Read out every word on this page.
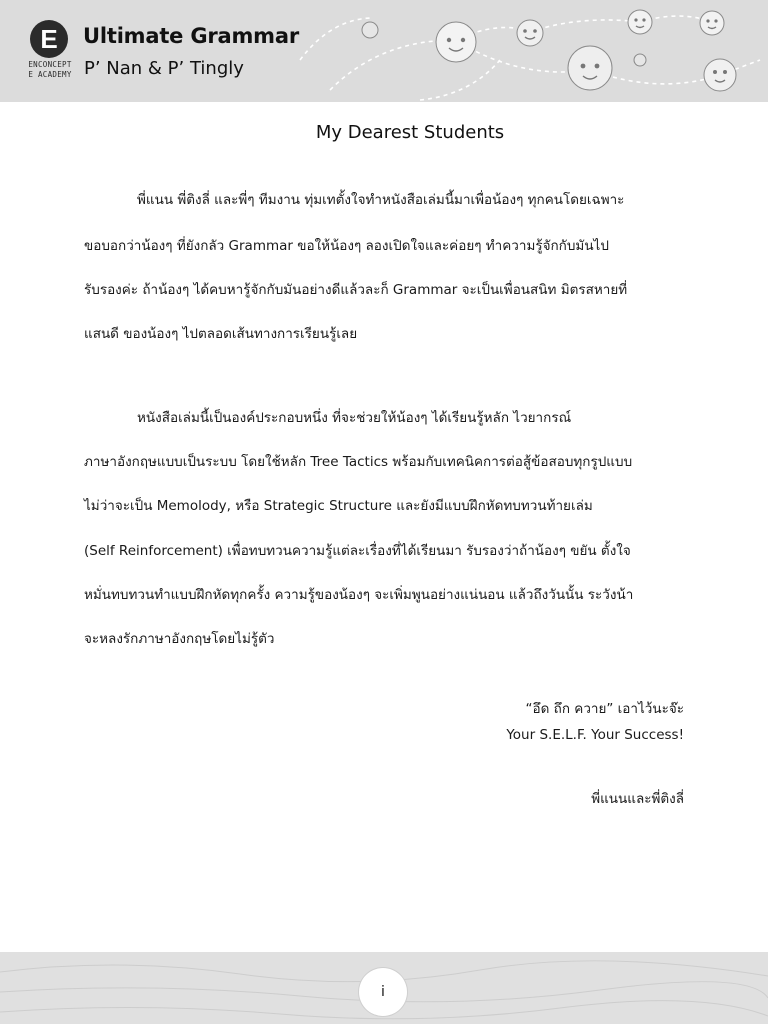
E
ENCONCEPT
E ACADEMY
Ultimate Grammar
P’ Nan & P’ Tingly
My Dearest Students
พี่แนน พี่ติงลี่ และพี่ๆ ทีมงาน ทุ่มเทตั้งใจทำหนังสือเล่มนี้มาเพื่อน้องๆ ทุกคนโดยเฉพาะ
ขอบอกว่าน้องๆ ที่ยังกลัว Grammar ขอให้น้องๆ ลองเปิดใจและค่อยๆ ทำความรู้จักกับมันไป
รับรองค่ะ ถ้าน้องๆ ได้คบหารู้จักกับมันอย่างดีแล้วละก็ Grammar จะเป็นเพื่อนสนิท มิตรสหายที่
แสนดี ของน้องๆ ไปตลอดเส้นทางการเรียนรู้เลย
หนังสือเล่มนี้เป็นองค์ประกอบหนึ่ง ที่จะช่วยให้น้องๆ ได้เรียนรู้หลัก ไวยากรณ์
ภาษาอังกฤษแบบเป็นระบบ โดยใช้หลัก Tree Tactics พร้อมกับเทคนิคการต่อสู้ข้อสอบทุกรูปแบบ
ไม่ว่าจะเป็น Memolody, หรือ Strategic Structure และยังมีแบบฝึกหัดทบทวนท้ายเล่ม
(Self Reinforcement) เพื่อทบทวนความรู้แต่ละเรื่องที่ได้เรียนมา รับรองว่าถ้าน้องๆ ขยัน ตั้งใจ
หมั่นทบทวนทำแบบฝึกหัดทุกครั้ง ความรู้ของน้องๆ จะเพิ่มพูนอย่างแน่นอน แล้วถึงวันนั้น ระวังน้า
จะหลงรักภาษาอังกฤษโดยไม่รู้ตัว
“อึด ถึก ควาย” เอาไว้นะจ๊ะ
Your S.E.L.F. Your Success!
พี่แนนและพี่ติงลี่
i
